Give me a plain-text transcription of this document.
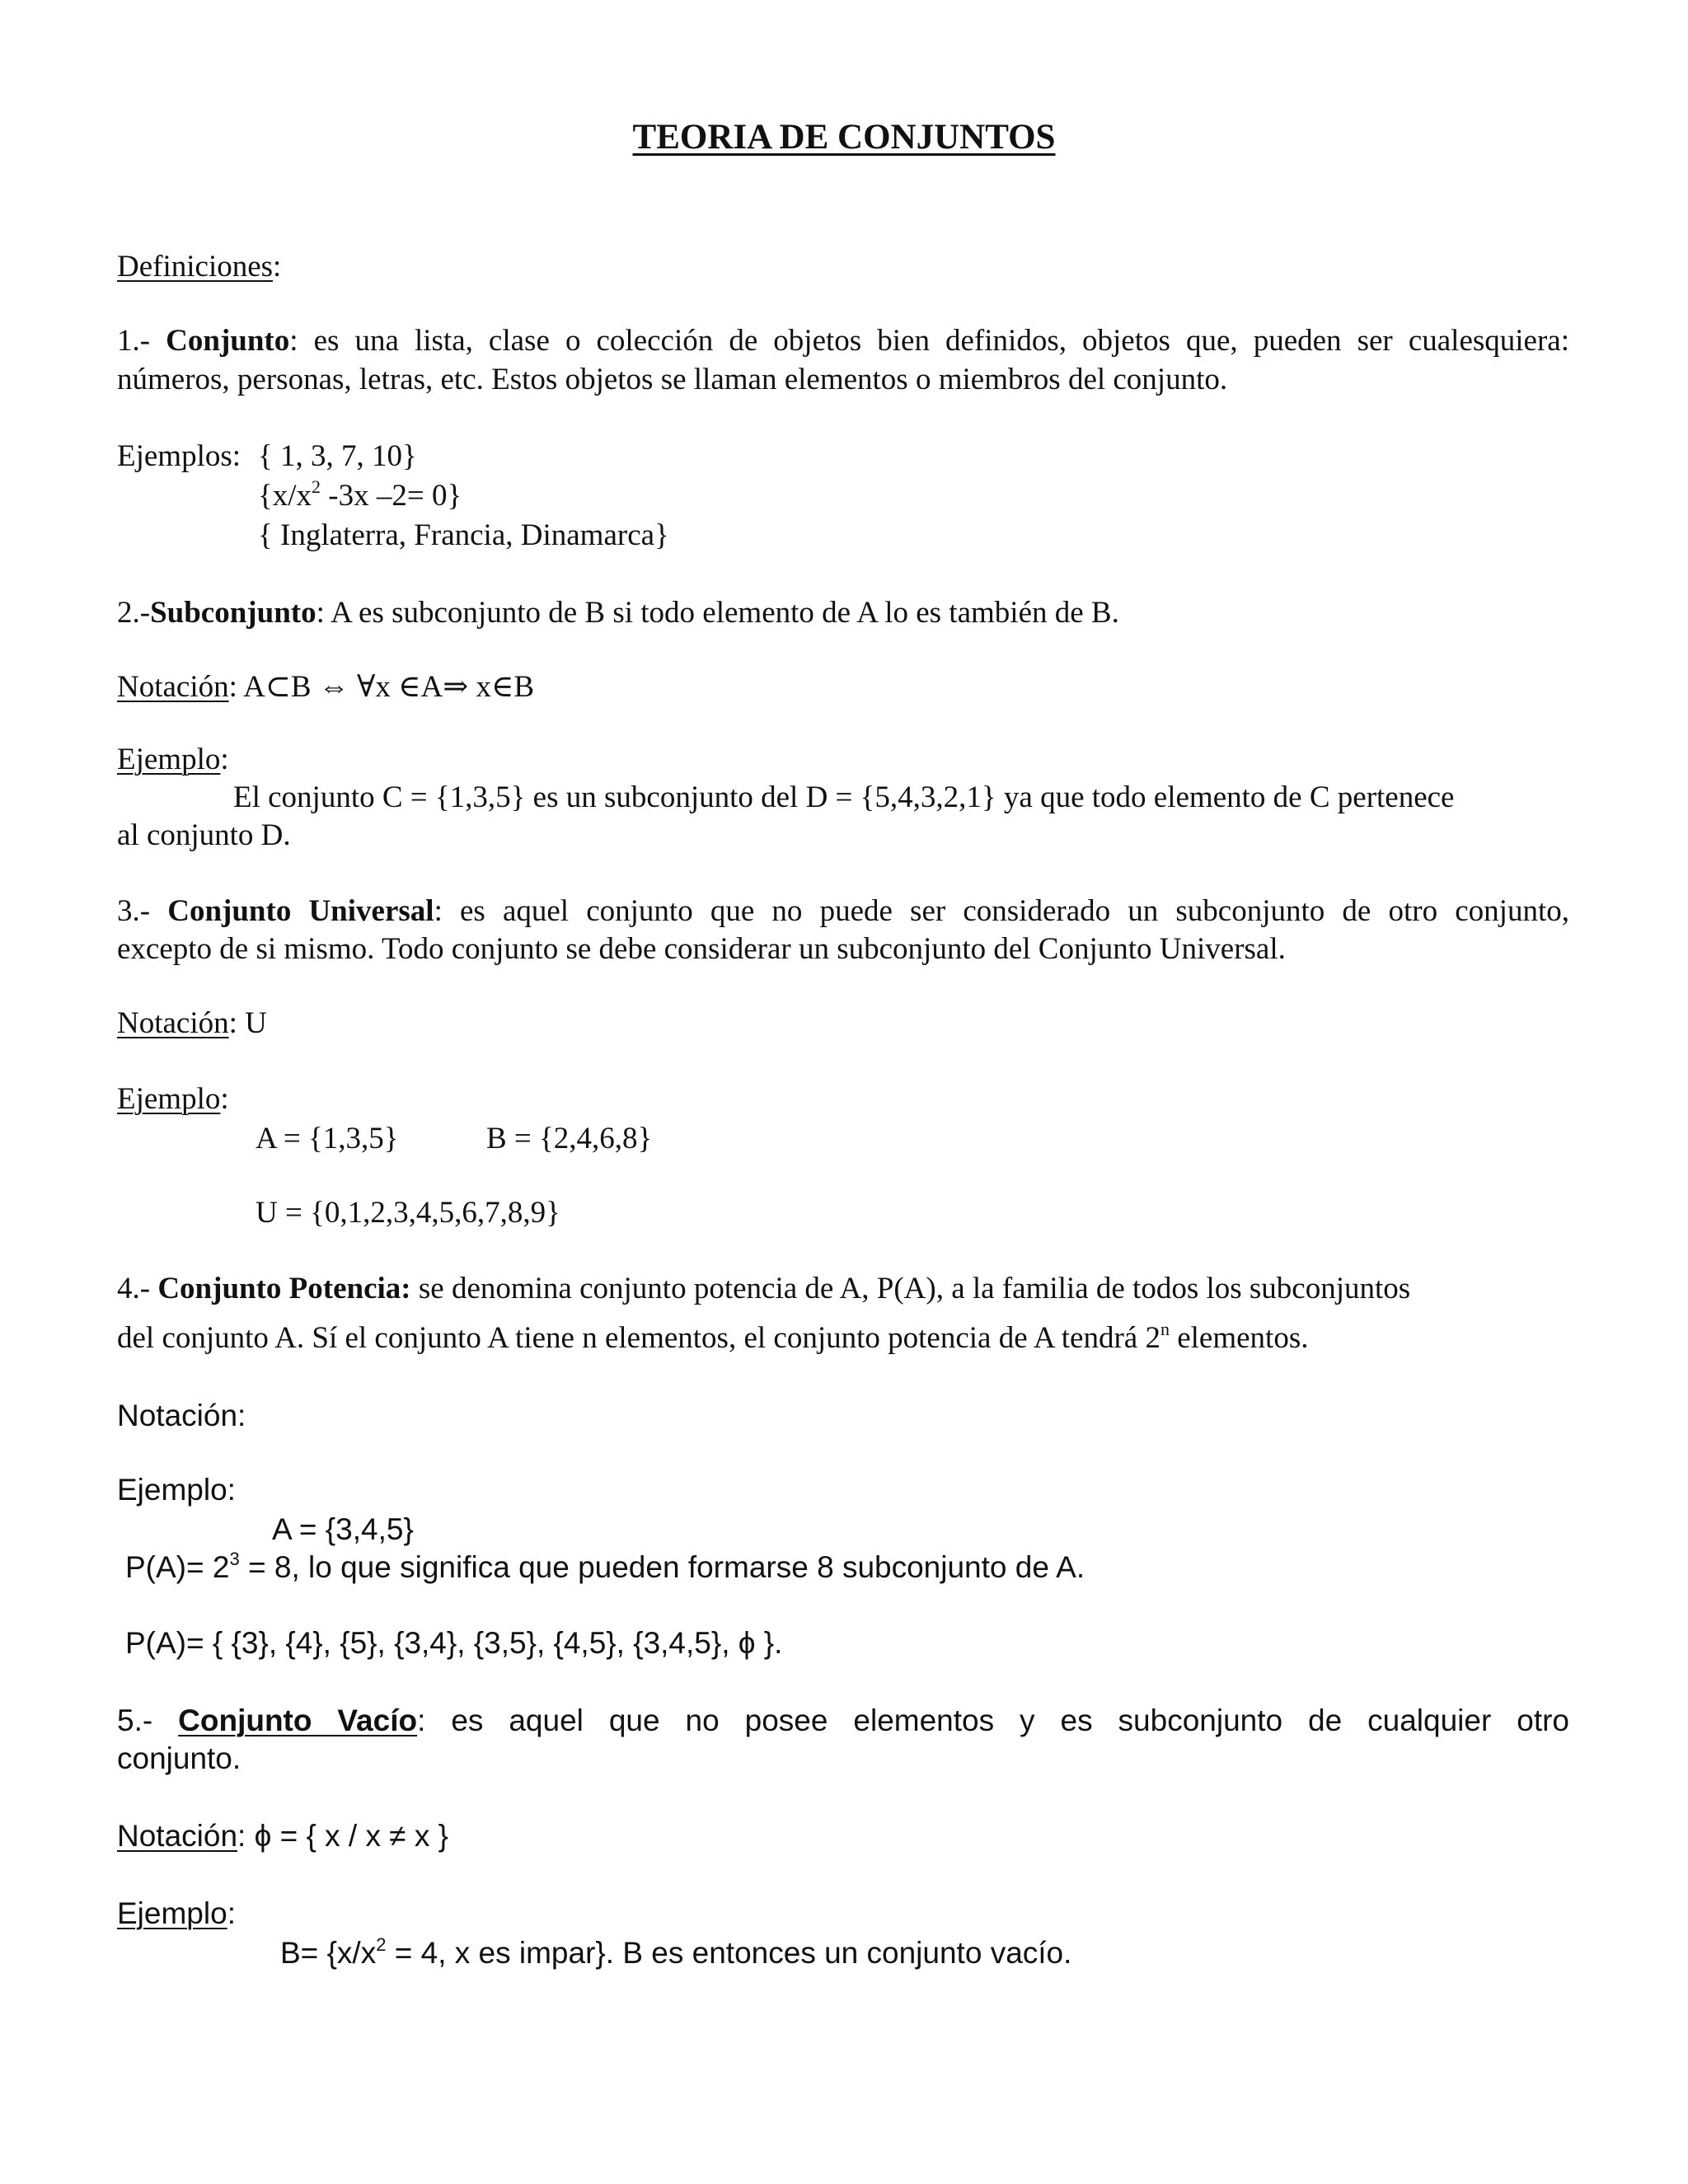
TEORIA DE CONJUNTOS
Definiciones:
1.- Conjunto: es una lista, clase o colección de objetos bien definidos, objetos que, pueden ser cualesquiera:
números, personas, letras, etc. Estos objetos se llaman elementos o miembros del conjunto.
Ejemplos: { 1, 3, 7, 10}
{$x/x^2$ -3x –2= 0}
{ Inglaterra, Francia, Dinamarca}
2.-Subconjunto: A es subconjunto de B si todo elemento de A lo es también de B.
Notación: A⊂B ⇔ ∀x ∈A⇒ x∈B
Ejemplo:
El conjunto C = {1,3,5} es un subconjunto del D = {5,4,3,2,1} ya que todo elemento de C pertenece
al conjunto D.
3.- Conjunto Universal: es aquel conjunto que no puede ser considerado un subconjunto de otro conjunto,
excepto de si mismo. Todo conjunto se debe considerar un subconjunto del Conjunto Universal.
Notación: U
Ejemplo:
A = {1,3,5}	B = {2,4,6,8}
U = {0,1,2,3,4,5,6,7,8,9}
4.- Conjunto Potencia: se denomina conjunto potencia de A, P(A), a la familia de todos los subconjuntos
del conjunto A. Sí el conjunto A tiene n elementos, el conjunto potencia de A tendrá 2$^n$ elementos.
Notación:
Ejemplo:
A = {3,4,5}
$P(A)= 2^3 = 8$, lo que significa que pueden formarse 8 subconjunto de A.
P(A)= { {3}, {4}, {5}, {3,4}, {3,5}, {4,5}, {3,4,5}, ϕ }.
5.- Conjunto Vacío: es aquel que no posee elementos y es subconjunto de cualquier otro
conjunto.
Notación: ϕ = { x / x ≠ x }
Ejemplo:
$B= \{x/x^2 = 4$, x es impar}. B es entonces un conjunto vacío.
